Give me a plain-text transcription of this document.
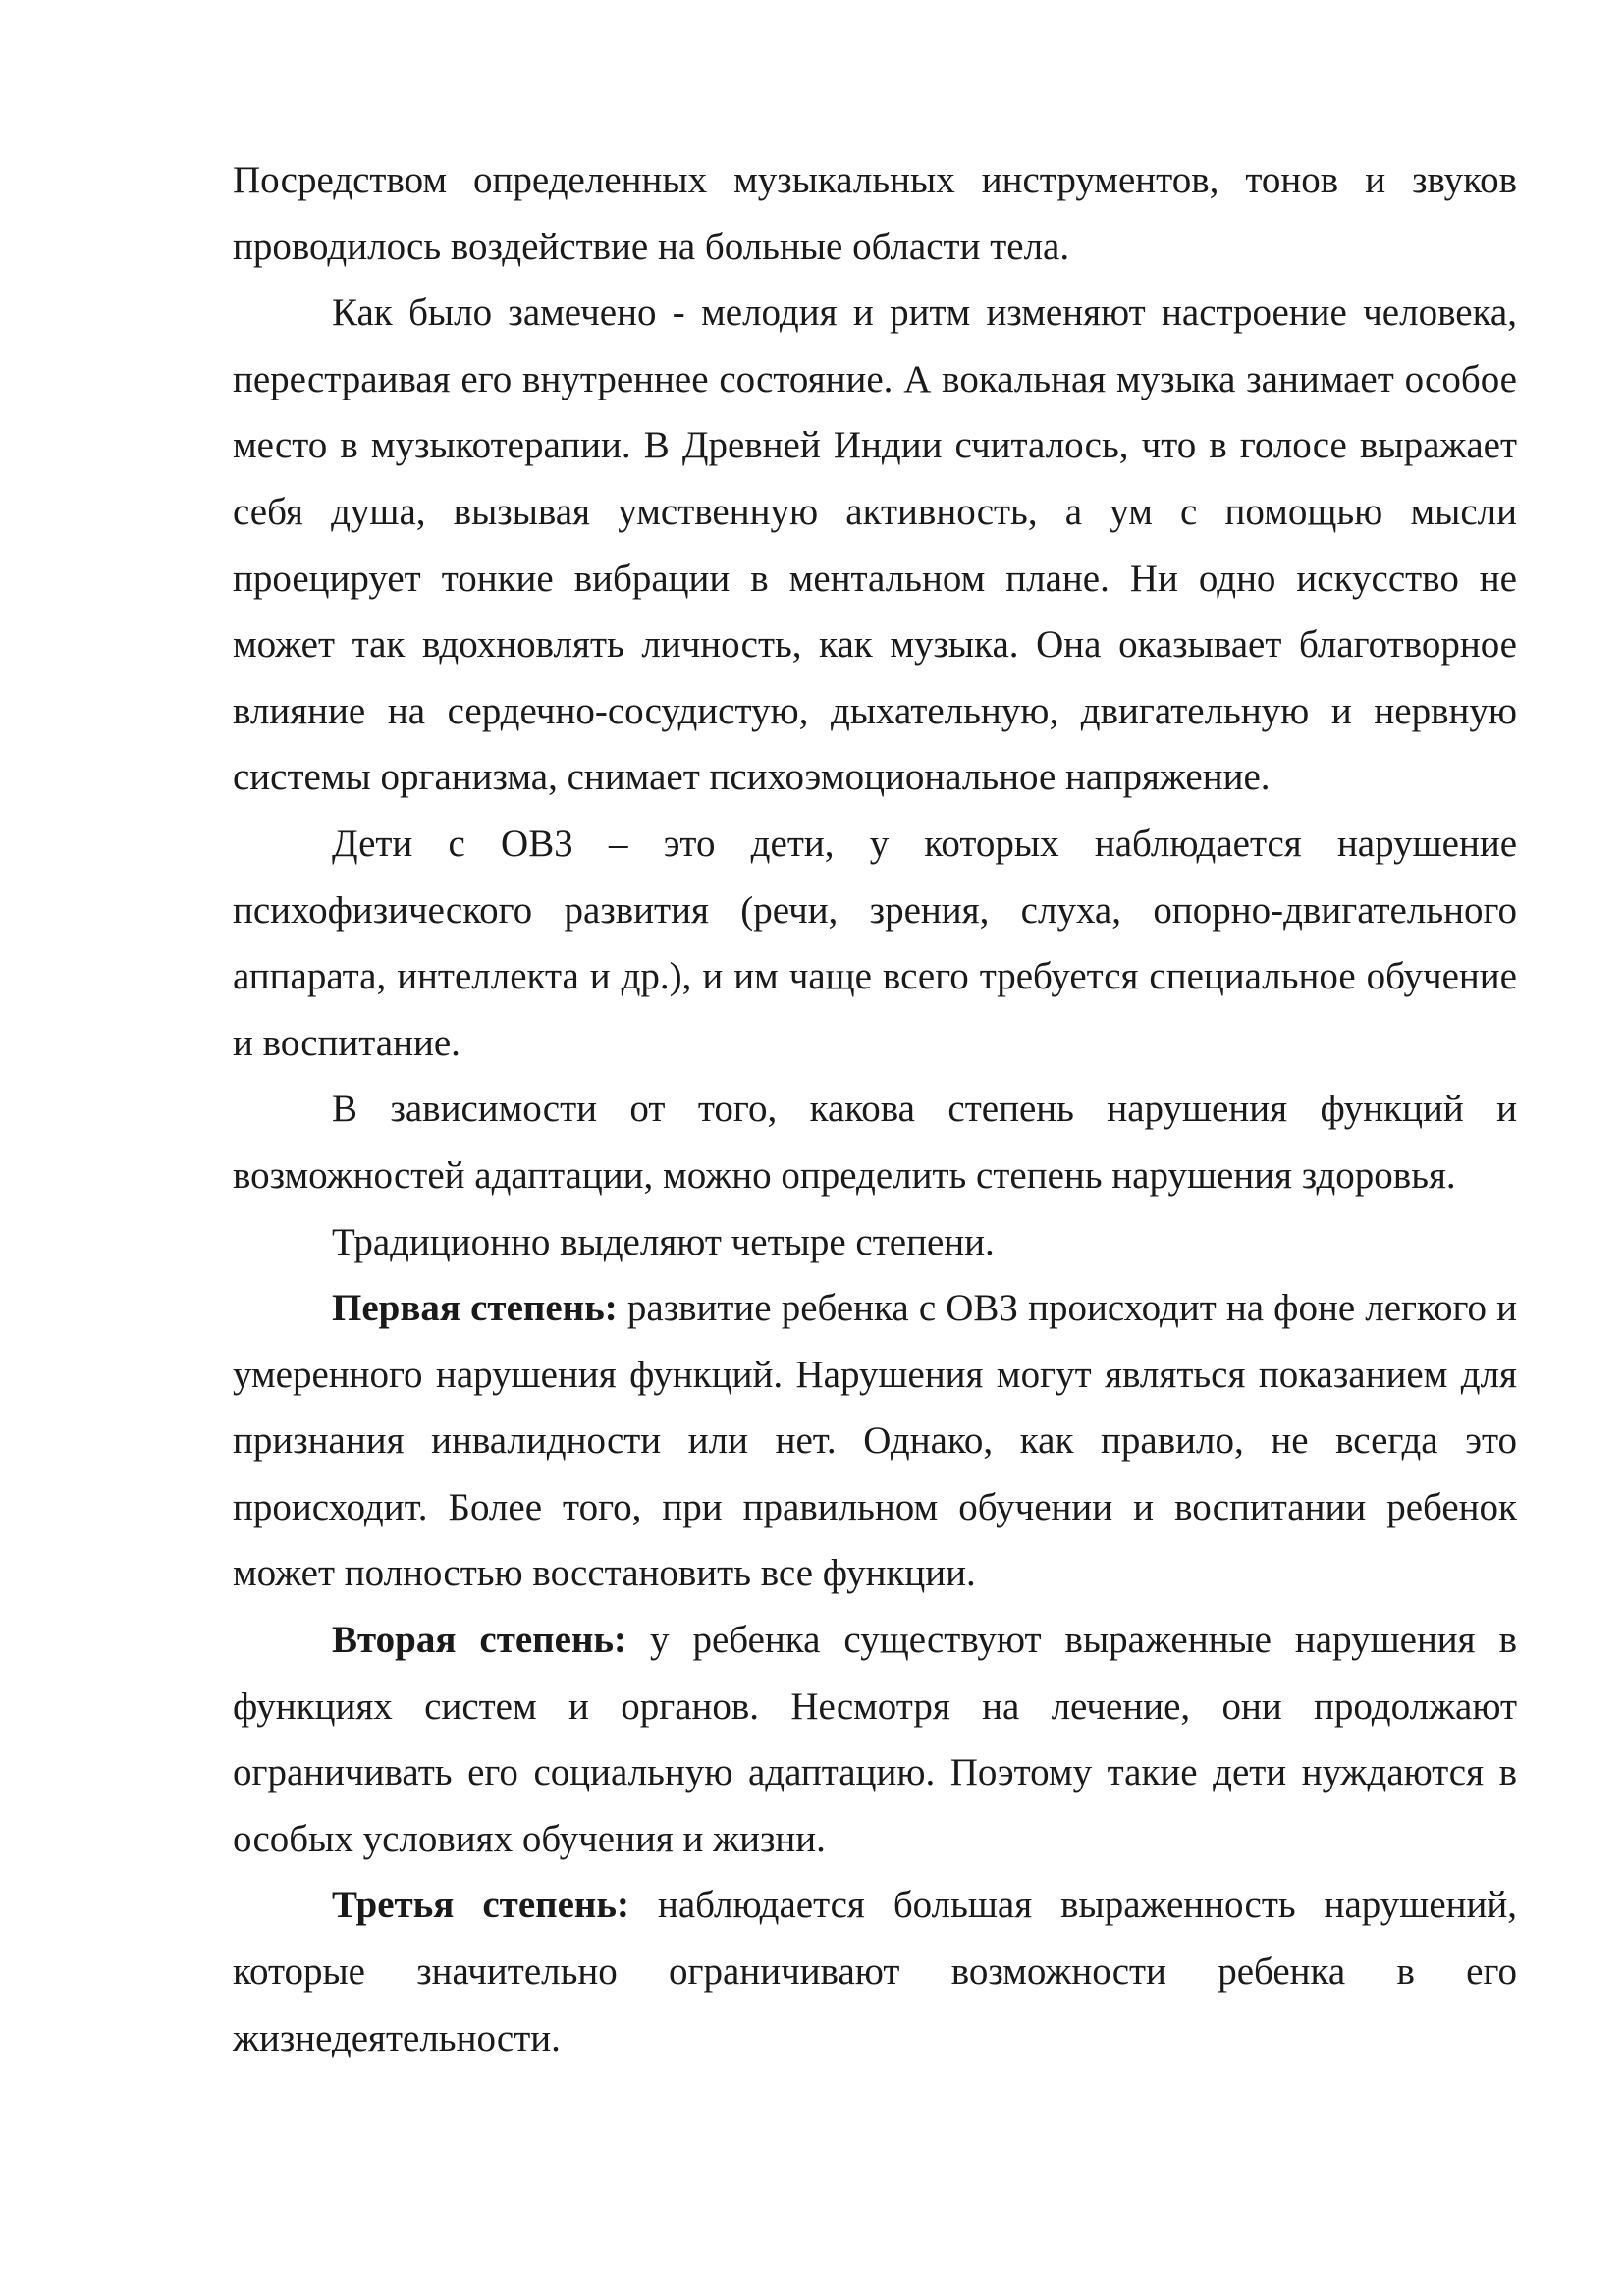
Посредством определенных музыкальных инструментов, тонов и звуков проводилось воздействие на больные области тела.

Как было замечено - мелодия и ритм изменяют настроение человека, перестраивая его внутреннее состояние. А вокальная музыка занимает особое место в музыкотерапии. В Древней Индии считалось, что в голосе выражает себя душа, вызывая умственную активность, а ум с помощью мысли проецирует тонкие вибрации в ментальном плане. Ни одно искусство не может так вдохновлять личность, как музыка. Она оказывает благотворное влияние на сердечно-сосудистую, дыхательную, двигательную и нервную системы организма, снимает психоэмоциональное напряжение.

Дети с ОВЗ – это дети, у которых наблюдается нарушение психофизического развития (речи, зрения, слуха, опорно-двигательного аппарата, интеллекта и др.), и им чаще всего требуется специальное обучение и воспитание.

В зависимости от того, какова степень нарушения функций и возможностей адаптации, можно определить степень нарушения здоровья.

Традиционно выделяют четыре степени.

Первая степень: развитие ребенка с ОВЗ происходит на фоне легкого и умеренного нарушения функций. Нарушения могут являться показанием для признания инвалидности или нет. Однако, как правило, не всегда это происходит. Более того, при правильном обучении и воспитании ребенок может полностью восстановить все функции.

Вторая степень: у ребенка существуют выраженные нарушения в функциях систем и органов. Несмотря на лечение, они продолжают ограничивать его социальную адаптацию. Поэтому такие дети нуждаются в особых условиях обучения и жизни.

Третья степень: наблюдается большая выраженность нарушений, которые значительно ограничивают возможности ребенка в его жизнедеятельности.
